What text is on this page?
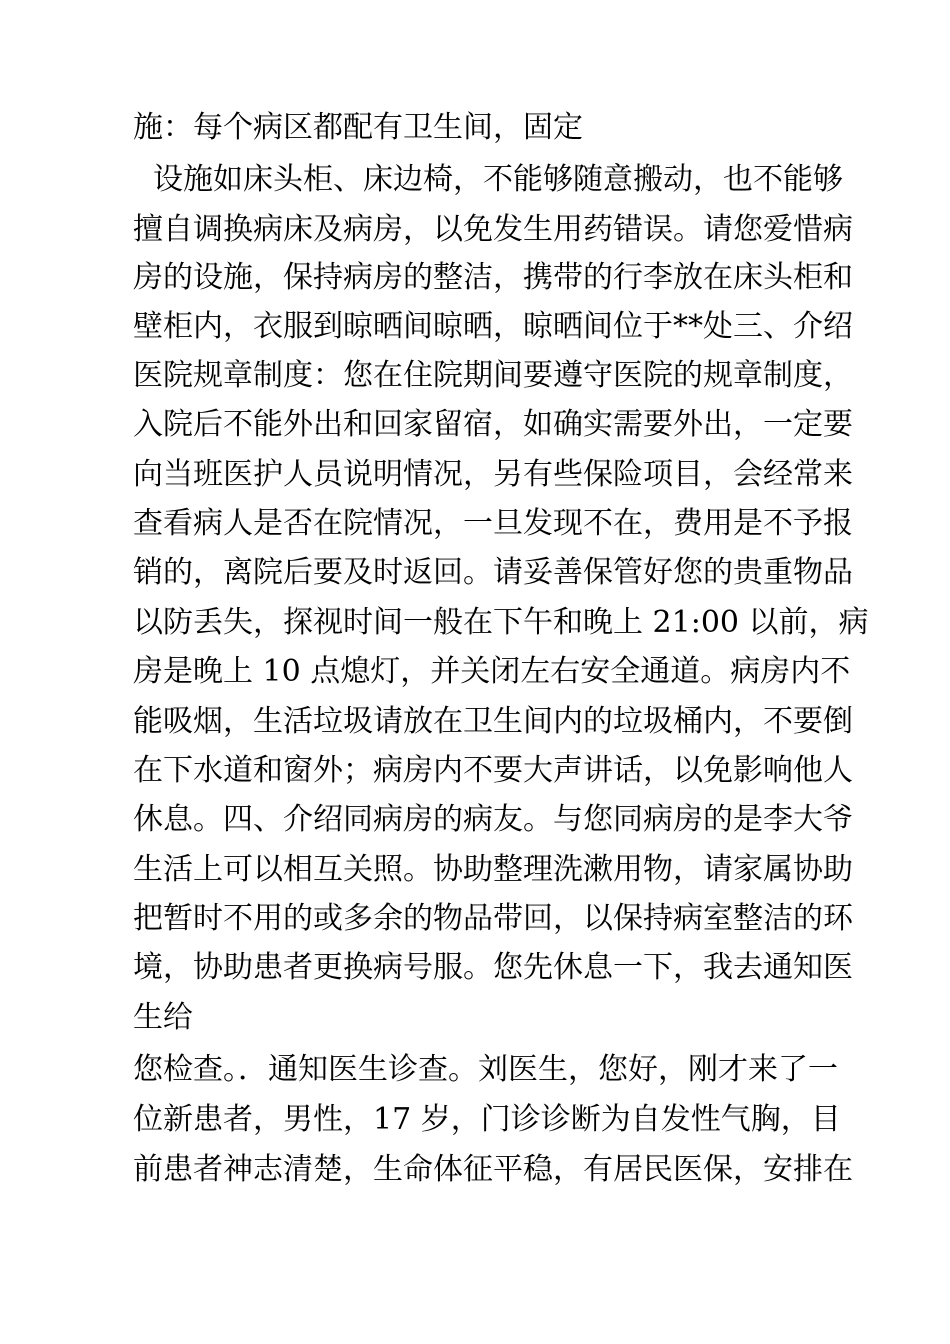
施：每个病区都配有卫生间，固定

设施如床头柜、床边椅，不能够随意搬动，也不能够

擅自调换病床及病房，以免发生用药错误。请您爱惜病

房的设施，保持病房的整洁，携带的行李放在床头柜和

壁柜内，衣服到晾晒间晾晒，晾晒间位于**处三、介绍

医院规章制度：您在住院期间要遵守医院的规章制度，

入院后不能外出和回家留宿，如确实需要外出，一定要

向当班医护人员说明情况，另有些保险项目，会经常来

查看病人是否在院情况，一旦发现不在，费用是不予报

销的，离院后要及时返回。请妥善保管好您的贵重物品

以防丢失，探视时间一般在下午和晚上 21:00 以前，病

房是晚上 10 点熄灯，并关闭左右安全通道。病房内不

能吸烟，生活垃圾请放在卫生间内的垃圾桶内，不要倒

在下水道和窗外；病房内不要大声讲话，以免影响他人

休息。四、介绍同病房的病友。与您同病房的是李大爷

生活上可以相互关照。协助整理洗漱用物，请家属协助

把暂时不用的或多余的物品带回，以保持病室整洁的环

境，协助患者更换病号服。您先休息一下，我去通知医

生给

您检查。．通知医生诊查。刘医生，您好，刚才来了一

位新患者，男性，17 岁，门诊诊断为自发性气胸，目

前患者神志清楚，生命体征平稳，有居民医保，安排在
